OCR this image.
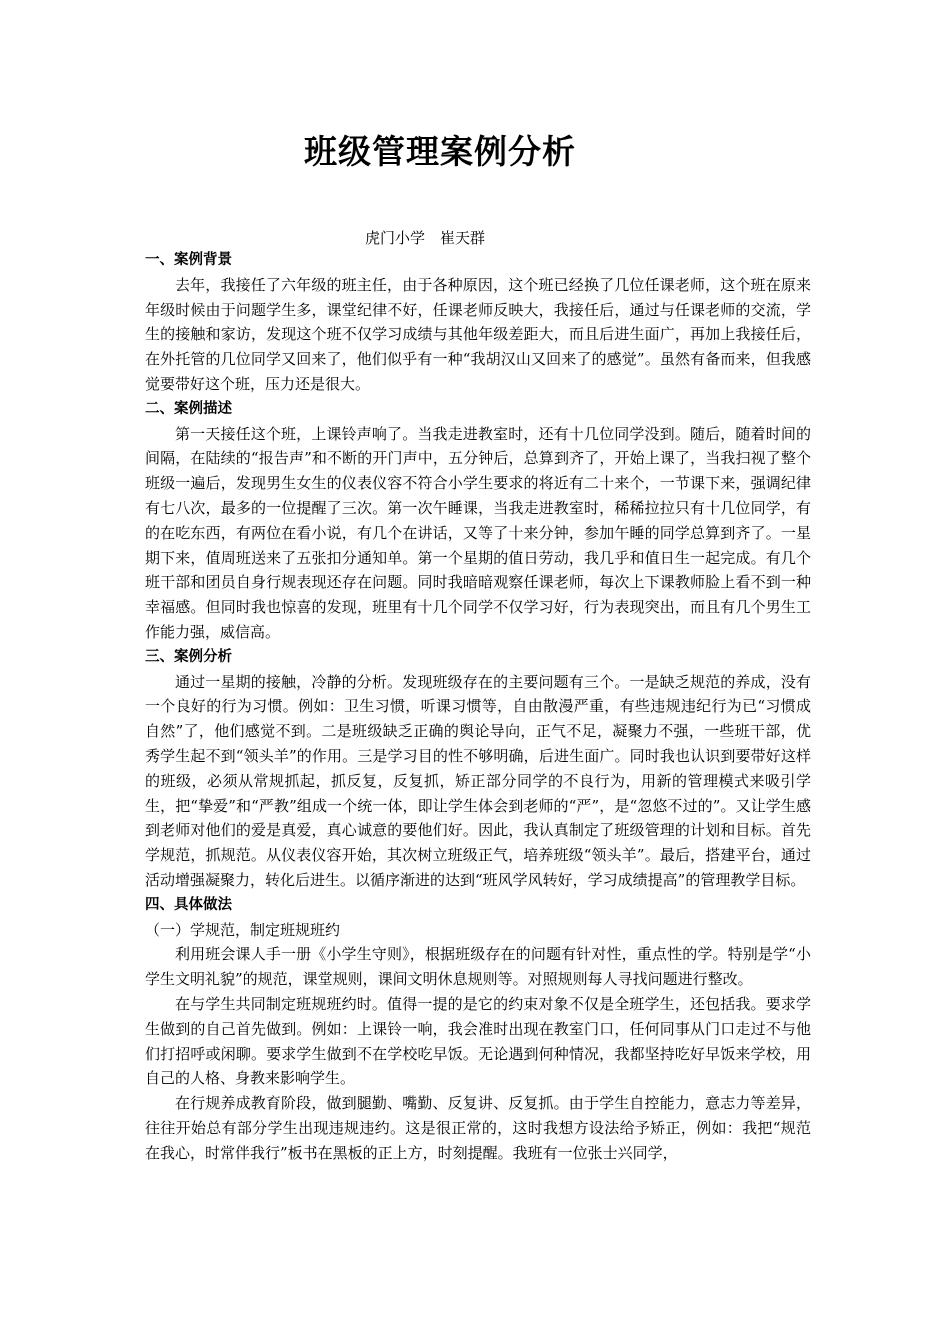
班级管理案例分析
虎门小学　崔天群
一、案例背景

去年，我接任了六年级的班主任，由于各种原因，这个班已经换了几位任课老师，这个班在原来年级时候由于问题学生多，课堂纪律不好，任课老师反映大，我接任后，通过与任课老师的交流，学生的接触和家访，发现这个班不仅学习成绩与其他年级差距大，而且后进生面广，再加上我接任后，在外托管的几位同学又回来了，他们似乎有一种“我胡汉山又回来了的感觉”。虽然有备而来，但我感觉要带好这个班，压力还是很大。

二、案例描述

第一天接任这个班，上课铃声响了。当我走进教室时，还有十几位同学没到。随后，随着时间的间隔，在陆续的“报告声”和不断的开门声中，五分钟后，总算到齐了，开始上课了，当我扫视了整个班级一遍后，发现男生女生的仪表仪容不符合小学生要求的将近有二十来个，一节课下来，强调纪律有七八次，最多的一位提醒了三次。第一次午睡课，当我走进教室时，稀稀拉拉只有十几位同学，有的在吃东西，有两位在看小说，有几个在讲话，又等了十来分钟，参加午睡的同学总算到齐了。一星期下来，值周班送来了五张扣分通知单。第一个星期的值日劳动，我几乎和值日生一起完成。有几个班干部和团员自身行规表现还存在问题。同时我暗暗观察任课老师，每次上下课教师脸上看不到一种幸福感。但同时我也惊喜的发现，班里有十几个同学不仅学习好，行为表现突出，而且有几个男生工作能力强，威信高。

三、案例分析

通过一星期的接触，冷静的分析。发现班级存在的主要问题有三个。一是缺乏规范的养成，没有一个良好的行为习惯。例如：卫生习惯，听课习惯等，自由散漫严重，有些违规违纪行为已“习惯成自然”了，他们感觉不到。二是班级缺乏正确的舆论导向，正气不足，凝聚力不强，一些班干部，优秀学生起不到“领头羊”的作用。三是学习目的性不够明确，后进生面广。同时我也认识到要带好这样的班级，必须从常规抓起，抓反复，反复抓，矫正部分同学的不良行为，用新的管理模式来吸引学生，把“挚爱”和“严教”组成一个统一体，即让学生体会到老师的“严”，是“忽悠不过的”。又让学生感到老师对他们的爱是真爱，真心诚意的要他们好。因此，我认真制定了班级管理的计划和目标。首先学规范，抓规范。从仪表仪容开始，其次树立班级正气，培养班级“领头羊”。最后，搭建平台，通过活动增强凝聚力，转化后进生。以循序渐进的达到“班风学风转好，学习成绩提高”的管理教学目标。

四、具体做法

（一）学规范，制定班规班约

利用班会课人手一册《小学生守则》，根据班级存在的问题有针对性，重点性的学。特别是学“小学生文明礼貌”的规范，课堂规则，课间文明休息规则等。对照规则每人寻找问题进行整改。

在与学生共同制定班规班约时。值得一提的是它的约束对象不仅是全班学生，还包括我。要求学生做到的自己首先做到。例如：上课铃一响，我会准时出现在教室门口，任何同事从门口走过不与他们打招呼或闲聊。要求学生做到不在学校吃早饭。无论遇到何种情况，我都坚持吃好早饭来学校，用自己的人格、身教来影响学生。

在行规养成教育阶段，做到腿勤、嘴勤、反复讲、反复抓。由于学生自控能力，意志力等差异，往往开始总有部分学生出现违规违约。这是很正常的，这时我想方设法给予矫正，例如：我把“规范在我心，时常伴我行”板书在黑板的正上方，时刻提醒。我班有一位张士兴同学，
